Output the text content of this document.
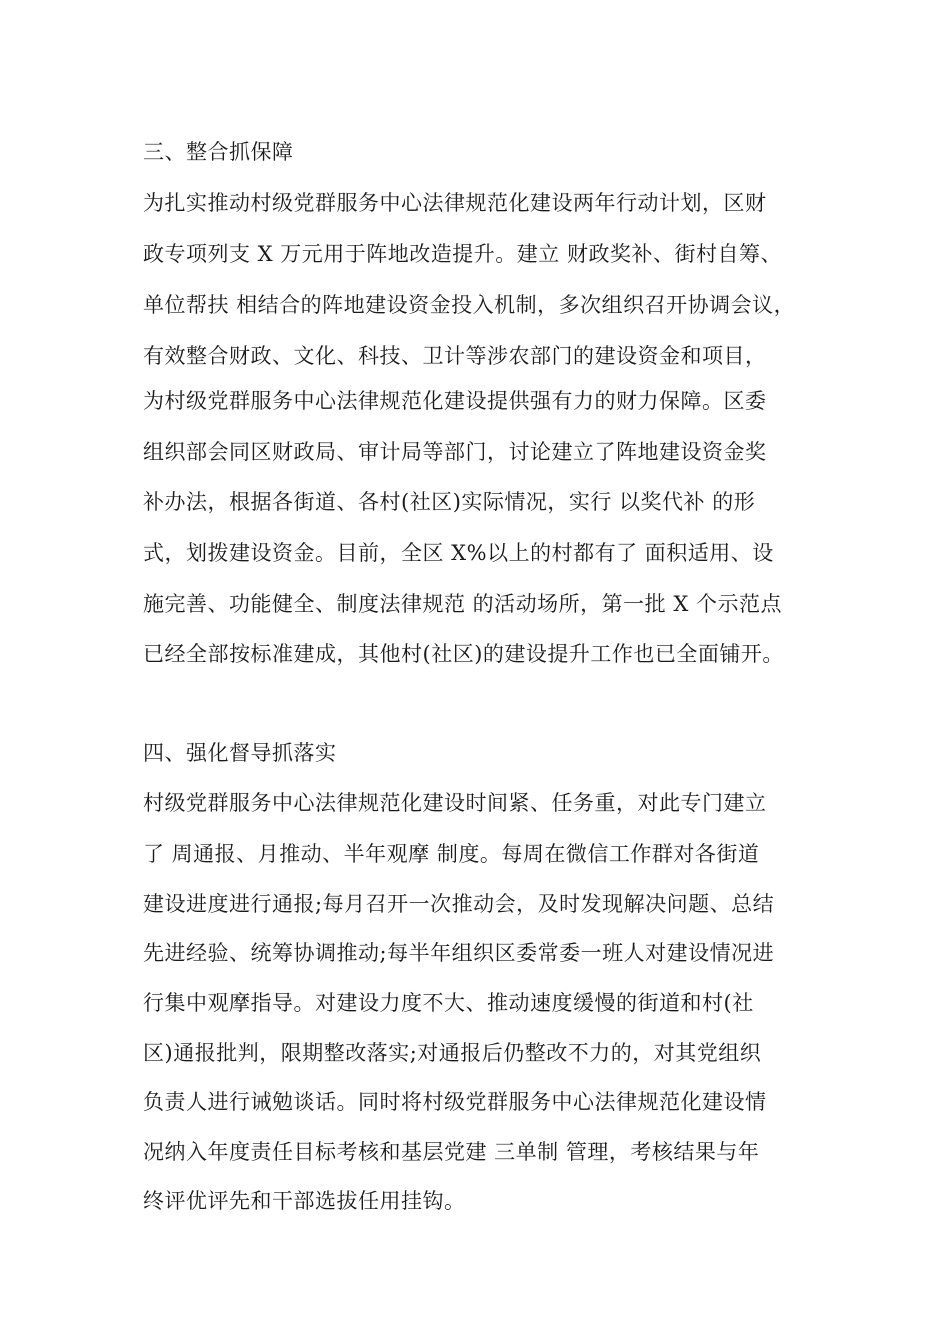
三、整合抓保障
为扎实推动村级党群服务中心法律规范化建设两年行动计划，区财
政专项列支 X 万元用于阵地改造提升。建立 财政奖补、街村自筹、
单位帮扶 相结合的阵地建设资金投入机制，多次组织召开协调会议，
有效整合财政、文化、科技、卫计等涉农部门的建设资金和项目，
为村级党群服务中心法律规范化建设提供强有力的财力保障。区委
组织部会同区财政局、审计局等部门，讨论建立了阵地建设资金奖
补办法，根据各街道、各村(社区)实际情况，实行 以奖代补 的形
式，划拨建设资金。目前，全区 X%以上的村都有了 面积适用、设
施完善、功能健全、制度法律规范 的活动场所，第一批 X 个示范点
已经全部按标准建成，其他村(社区)的建设提升工作也已全面铺开。
四、强化督导抓落实
村级党群服务中心法律规范化建设时间紧、任务重，对此专门建立
了 周通报、月推动、半年观摩 制度。每周在微信工作群对各街道
建设进度进行通报;每月召开一次推动会，及时发现解决问题、总结
先进经验、统筹协调推动;每半年组织区委常委一班人对建设情况进
行集中观摩指导。对建设力度不大、推动速度缓慢的街道和村(社
区)通报批判，限期整改落实;对通报后仍整改不力的，对其党组织
负责人进行诫勉谈话。同时将村级党群服务中心法律规范化建设情
况纳入年度责任目标考核和基层党建 三单制 管理，考核结果与年
终评优评先和干部选拔任用挂钩。
